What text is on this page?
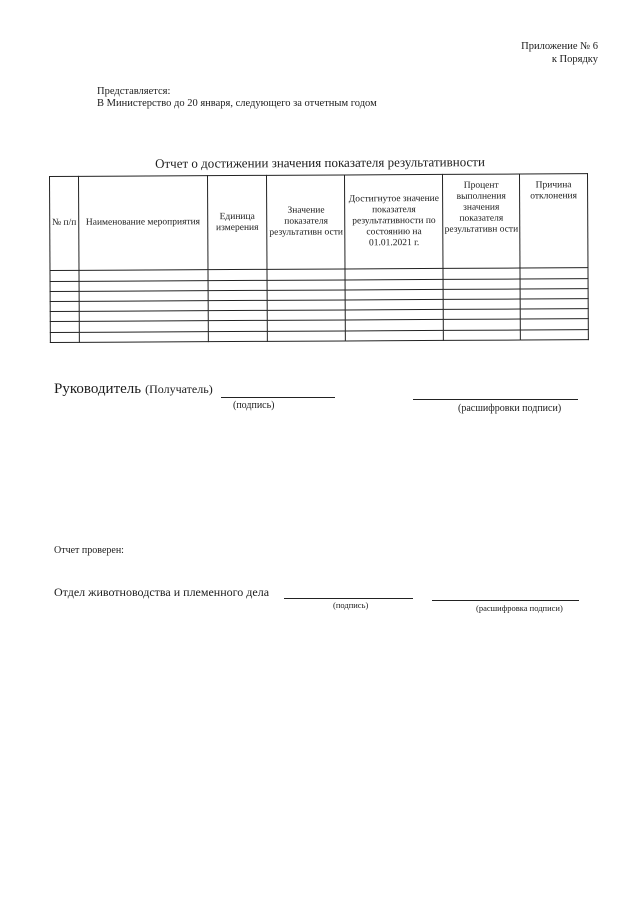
Приложение № 6
к Порядку
Представляется:
В Министерство до 20 января, следующего за отчетным годом
Отчет о достижении значения показателя результативности
№ п/п	Наименование мероприятия	Единица измерения	Значение показателя результативн ости	Достигнутое значение показателя результативности по состоянию на 01.01.2021 г.	Процент выполнения значения показателя результативн ости	Причина отклонения

Руководитель (Получатель)
(подпись)	(расшифровки подписи)
Отчет проверен:
Отдел животноводства и племенного дела
(подпись)	(расшифровка подписи)
